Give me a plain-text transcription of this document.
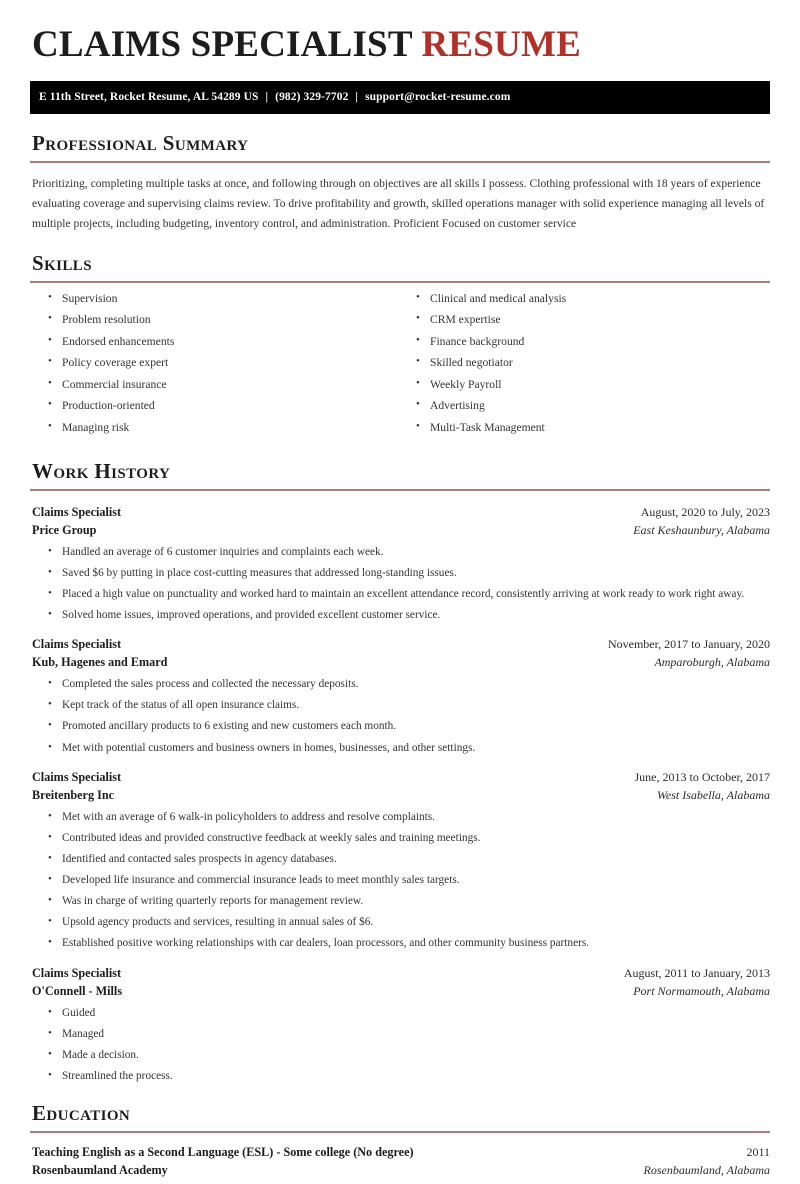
CLAIMS SPECIALIST RESUME
E 11th Street, Rocket Resume, AL 54289 US | (982) 329-7702 | support@rocket-resume.com
Professional Summary

Prioritizing, completing multiple tasks at once, and following through on objectives are all skills I possess. Clothing professional with 18 years of experience evaluating coverage and supervising claims review. To drive profitability and growth, skilled operations manager with solid experience managing all levels of multiple projects, including budgeting, inventory control, and administration. Proficient Focused on customer service

Skills
• Supervision
• Problem resolution
• Endorsed enhancements
• Policy coverage expert
• Commercial insurance
• Production-oriented
• Managing risk
• Clinical and medical analysis
• CRM expertise
• Finance background
• Skilled negotiator
• Weekly Payroll
• Advertising
• Multi-Task Management
Work History
Claims Specialist	August, 2020 to July, 2023
Price Group	East Keshaunbury, Alabama
• Handled an average of 6 customer inquiries and complaints each week.
• Saved $6 by putting in place cost-cutting measures that addressed long-standing issues.
• Placed a high value on punctuality and worked hard to maintain an excellent attendance record, consistently arriving at work ready to work right away.
• Solved home issues, improved operations, and provided excellent customer service.
Claims Specialist	November, 2017 to January, 2020
Kub, Hagenes and Emard	Amparoburgh, Alabama
• Completed the sales process and collected the necessary deposits.
• Kept track of the status of all open insurance claims.
• Promoted ancillary products to 6 existing and new customers each month.
• Met with potential customers and business owners in homes, businesses, and other settings.
Claims Specialist	June, 2013 to October, 2017
Breitenberg Inc	West Isabella, Alabama
• Met with an average of 6 walk-in policyholders to address and resolve complaints.
• Contributed ideas and provided constructive feedback at weekly sales and training meetings.
• Identified and contacted sales prospects in agency databases.
• Developed life insurance and commercial insurance leads to meet monthly sales targets.
• Was in charge of writing quarterly reports for management review.
• Upsold agency products and services, resulting in annual sales of $6.
• Established positive working relationships with car dealers, loan processors, and other community business partners.
Claims Specialist	August, 2011 to January, 2013
O'Connell - Mills	Port Normamouth, Alabama
• Guided
• Managed
• Made a decision.
• Streamlined the process.
Education
Teaching English as a Second Language (ESL) - Some college (No degree)	2011
Rosenbaumland Academy	Rosenbaumland, Alabama
